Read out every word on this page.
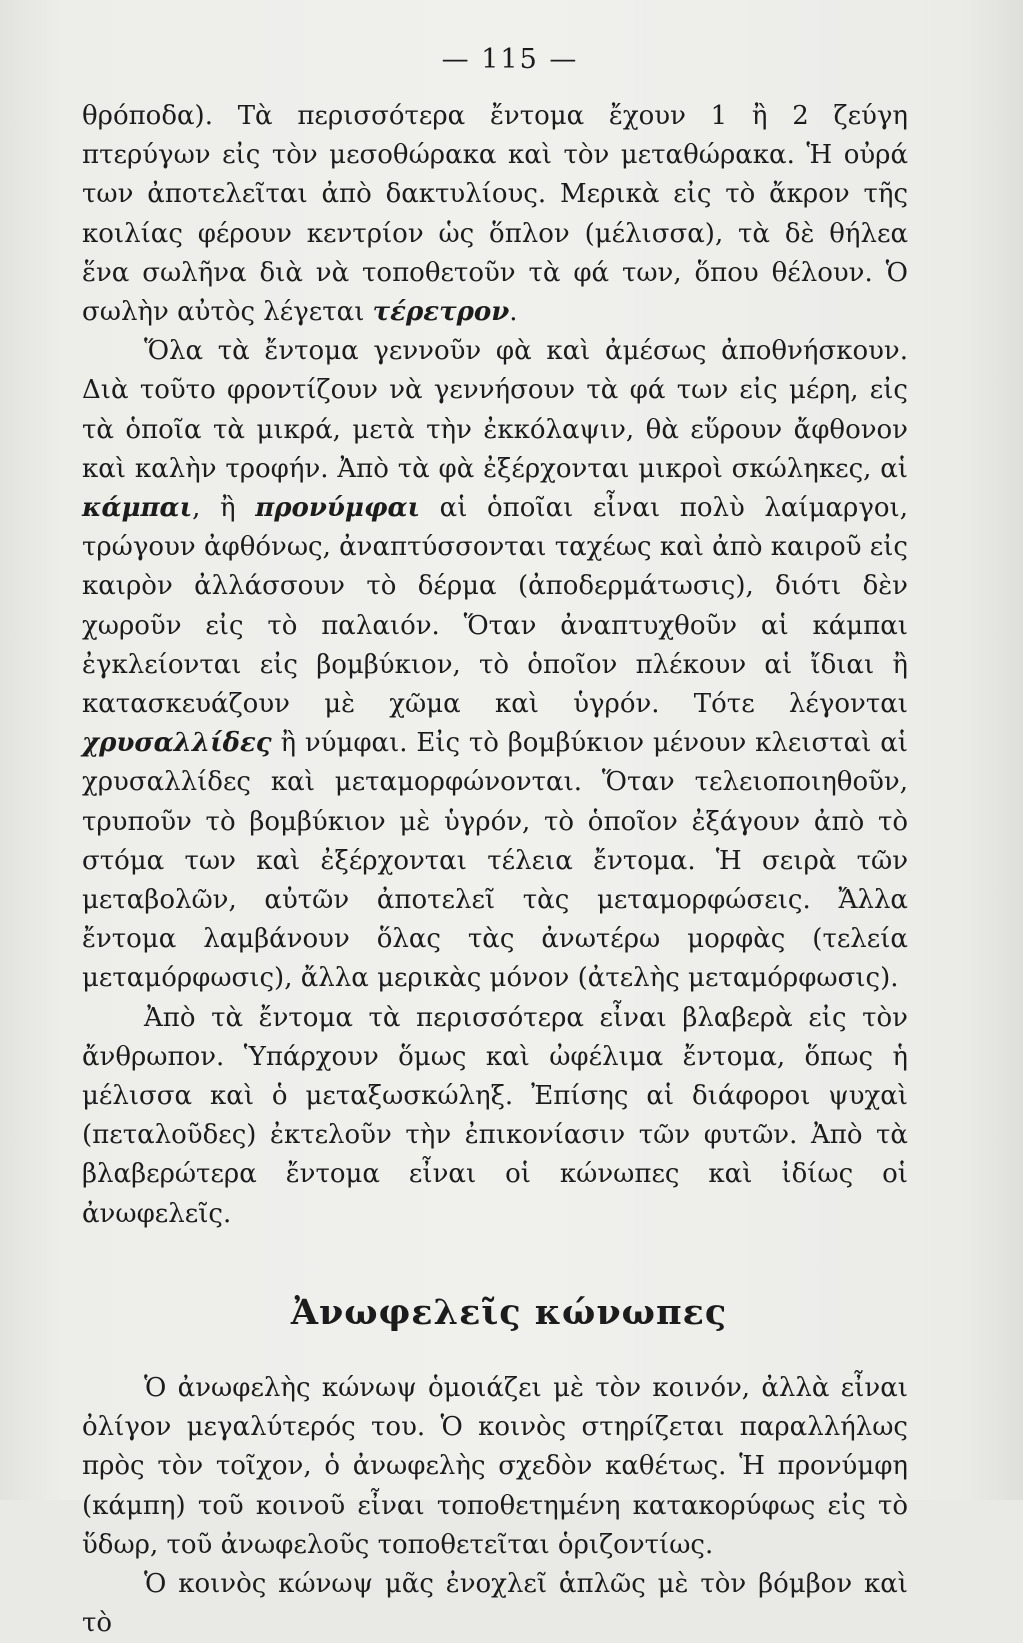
— 115 —

θρόποδα). Τὰ περισσότερα ἔντομα ἔχουν 1 ἢ 2 ζεύγη πτερύγων εἰς τὸν μεσοθώρακα καὶ τὸν μεταθώρακα. Ἡ οὐρά των ἀποτελεῖται ἀπὸ δακτυλίους. Μερικὰ εἰς τὸ ἄκρον τῆς κοιλίας φέρουν κεντρίον ὡς ὅπλον (μέλισσα), τὰ δὲ θήλεα ἕνα σωλῆνα διὰ νὰ τοποθετοῦν τὰ φά των, ὅπου θέλουν. Ὁ σωλὴν αὐτὸς λέγεται τέρετρον.

Ὅλα τὰ ἔντομα γεννοῦν φὰ καὶ ἀμέσως ἀποθνήσκουν. Διὰ τοῦτο φροντίζουν νὰ γεννήσουν τὰ φά των εἰς μέρη, εἰς τὰ ὁποῖα τὰ μικρά, μετὰ τὴν ἐκκόλαψιν, θὰ εὕρουν ἄφθονον καὶ καλὴν τροφήν. Ἀπὸ τὰ φὰ ἐξέρχονται μικροὶ σκώληκες, αἱ κάμπαι, ἢ προνύμφαι αἱ ὁποῖαι εἶναι πολὺ λαίμαργοι, τρώγουν ἀφθόνως, ἀναπτύσσονται ταχέως καὶ ἀπὸ καιροῦ εἰς καιρὸν ἀλλάσσουν τὸ δέρμα (ἀποδερμάτωσις), διότι δὲν χωροῦν εἰς τὸ παλαιόν. Ὅταν ἀναπτυχθοῦν αἱ κάμπαι ἐγκλείονται εἰς βομβύκιον, τὸ ὁποῖον πλέκουν αἱ ἴδιαι ἢ κατασκευάζουν μὲ χῶμα καὶ ὑγρόν. Τότε λέγονται χρυσαλλίδες ἢ νύμφαι. Εἰς τὸ βομβύκιον μένουν κλεισταὶ αἱ χρυσαλλίδες καὶ μεταμορφώνονται. Ὅταν τελειοποιηθοῦν, τρυποῦν τὸ βομβύκιον μὲ ὑγρόν, τὸ ὁποῖον ἐξάγουν ἀπὸ τὸ στόμα των καὶ ἐξέρχονται τέλεια ἔντομα. Ἡ σειρὰ τῶν μεταβολῶν, αὐτῶν ἀποτελεῖ τὰς μεταμορφώσεις. Ἄλλα ἔντομα λαμβάνουν ὅλας τὰς ἀνωτέρω μορφὰς (τελεία μεταμόρφωσις), ἄλλα μερικὰς μόνον (ἀτελὴς μεταμόρφωσις).

Ἀπὸ τὰ ἔντομα τὰ περισσότερα εἶναι βλαβερὰ εἰς τὸν ἄνθρωπον. Ὑπάρχουν ὅμως καὶ ὠφέλιμα ἔντομα, ὅπως ἡ μέλισσα καὶ ὁ μεταξωσκώληξ. Ἐπίσης αἱ διάφοροι ψυχαὶ (πεταλοῦδες) ἐκτελοῦν τὴν ἐπικονίασιν τῶν φυτῶν. Ἀπὸ τὰ βλαβερώτερα ἔντομα εἶναι οἱ κώνωπες καὶ ἰδίως οἱ ἀνωφελεῖς.

Ἀνωφελεῖς κώνωπες

Ὁ ἀνωφελὴς κώνωψ ὁμοιάζει μὲ τὸν κοινόν, ἀλλὰ εἶναι ὀλίγον μεγαλύτερός του. Ὁ κοινὸς στηρίζεται παραλλήλως πρὸς τὸν τοῖχον, ὁ ἀνωφελὴς σχεδὸν καθέτως. Ἡ προνύμφη (κάμπη) τοῦ κοινοῦ εἶναι τοποθετημένη κατακορύφως εἰς τὸ ὕδωρ, τοῦ ἀνωφελοῦς τοποθετεῖται ὁριζοντίως.

Ὁ κοινὸς κώνωψ μᾶς ἐνοχλεῖ ἁπλῶς μὲ τὸν βόμβον καὶ τὸ
